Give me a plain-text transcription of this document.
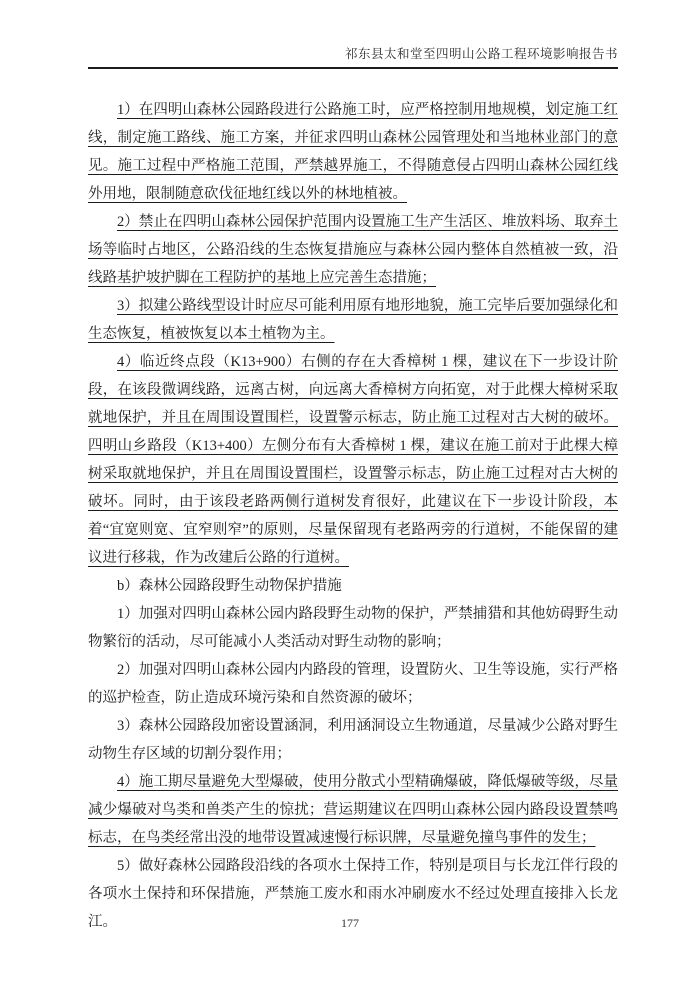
祁东县太和堂至四明山公路工程环境影响报告书

1）在四明山森林公园路段进行公路施工时，应严格控制用地规模，划定施工红线，制定施工路线、施工方案，并征求四明山森林公园管理处和当地林业部门的意见。施工过程中严格施工范围，严禁越界施工，不得随意侵占四明山森林公园红线外用地，限制随意砍伐征地红线以外的林地植被。

2）禁止在四明山森林公园保护范围内设置施工生产生活区、堆放料场、取弃土场等临时占地区，公路沿线的生态恢复措施应与森林公园内整体自然植被一致，沿线路基护坡护脚在工程防护的基地上应完善生态措施；

3）拟建公路线型设计时应尽可能利用原有地形地貌，施工完毕后要加强绿化和生态恢复，植被恢复以本土植物为主。

4）临近终点段（K13+900）右侧的存在大香樟树 1 棵，建议在下一步设计阶段，在该段微调线路，远离古树，向远离大香樟树方向拓宽，对于此棵大樟树采取就地保护，并且在周围设置围栏，设置警示标志，防止施工过程对古大树的破坏。四明山乡路段（K13+400）左侧分布有大香樟树 1 棵，建议在施工前对于此棵大樟树采取就地保护，并且在周围设置围栏，设置警示标志，防止施工过程对古大树的破坏。同时，由于该段老路两侧行道树发育很好，此建议在下一步设计阶段，本着“宜宽则宽、宜窄则窄”的原则，尽量保留现有老路两旁的行道树，不能保留的建议进行移栽，作为改建后公路的行道树。

b）森林公园路段野生动物保护措施

1）加强对四明山森林公园内路段野生动物的保护，严禁捕猎和其他妨碍野生动物繁衍的活动，尽可能减小人类活动对野生动物的影响；

2）加强对四明山森林公园内内路段的管理，设置防火、卫生等设施，实行严格的巡护检查，防止造成环境污染和自然资源的破坏；

3）森林公园路段加密设置涵洞，利用涵洞设立生物通道，尽量减少公路对野生动物生存区域的切割分裂作用；

4）施工期尽量避免大型爆破，使用分散式小型精确爆破，降低爆破等级，尽量减少爆破对鸟类和兽类产生的惊扰；营运期建议在四明山森林公园内路段设置禁鸣标志，在鸟类经常出没的地带设置减速慢行标识牌，尽量避免撞鸟事件的发生；

5）做好森林公园路段沿线的各项水土保持工作，特别是项目与长龙江伴行段的各项水土保持和环保措施，严禁施工废水和雨水冲刷废水不经过处理直接排入长龙江。	177
